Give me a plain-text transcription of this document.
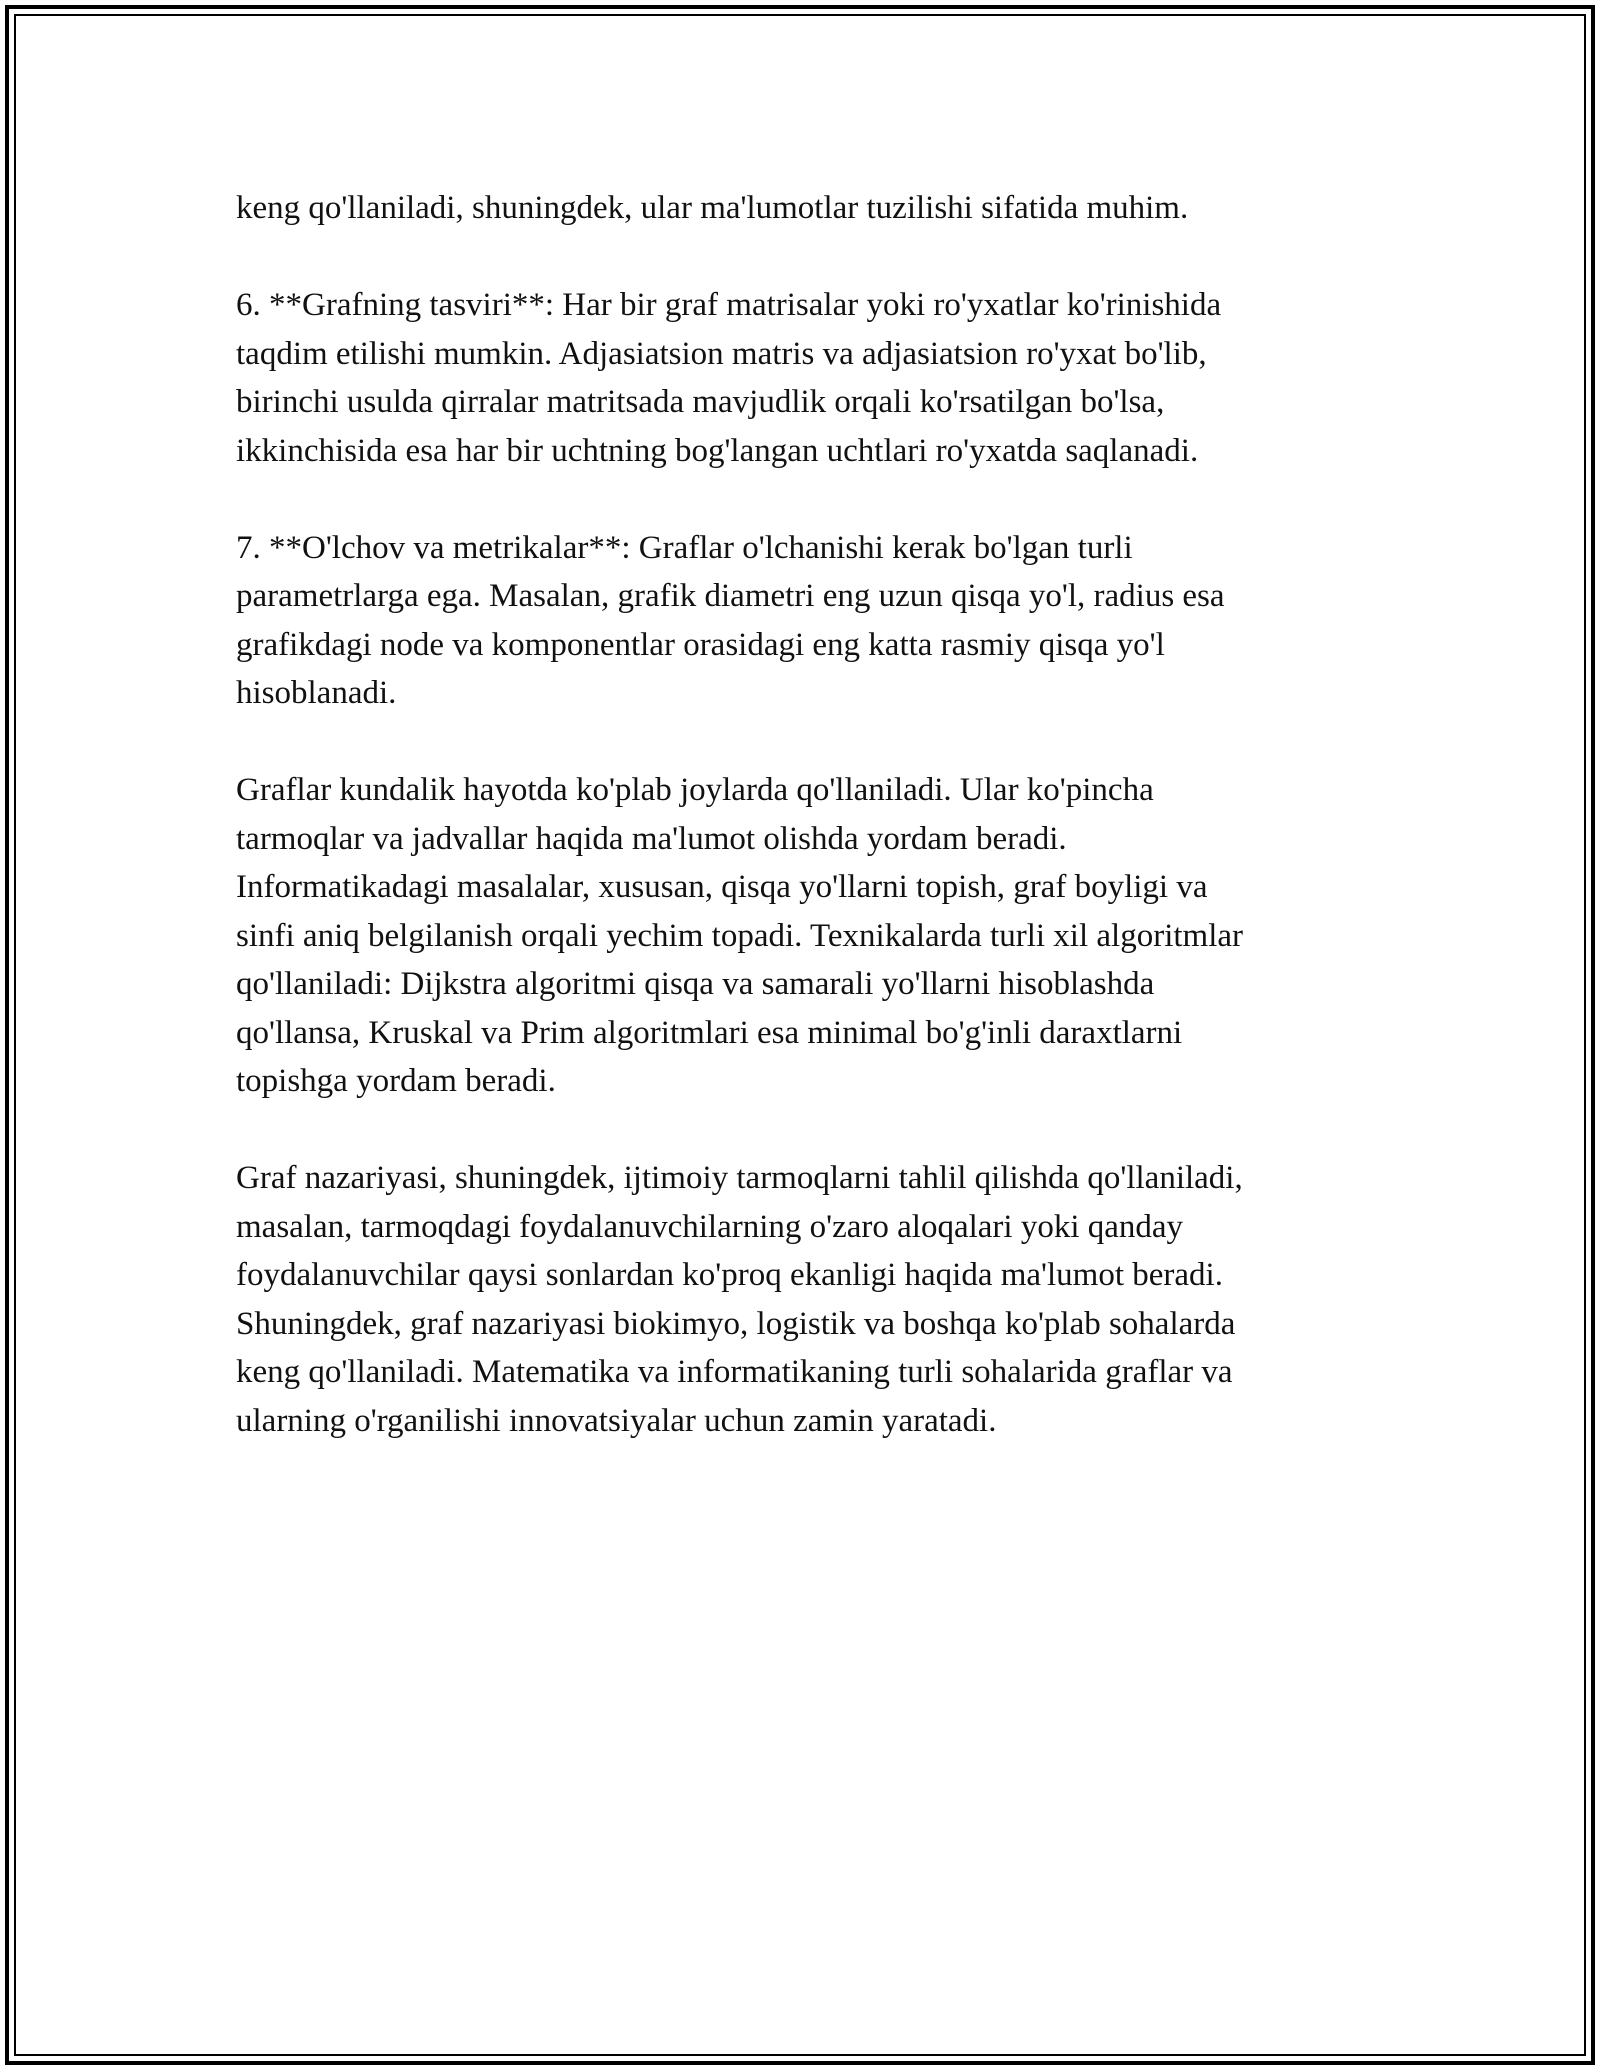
keng qo'llaniladi, shuningdek, ular ma'lumotlar tuzilishi sifatida muhim.

6. **Grafning tasviri**: Har bir graf matrisalar yoki ro'yxatlar ko'rinishida
taqdim etilishi mumkin. Adjasiatsion matris va adjasiatsion ro'yxat bo'lib,
birinchi usulda qirralar matritsada mavjudlik orqali ko'rsatilgan bo'lsa,
ikkinchisida esa har bir uchtning bog'langan uchtlari ro'yxatda saqlanadi.

7. **O'lchov va metrikalar**: Graflar o'lchanishi kerak bo'lgan turli
parametrlarga ega. Masalan, grafik diametri eng uzun qisqa yo'l, radius esa
grafikdagi node va komponentlar orasidagi eng katta rasmiy qisqa yo'l
hisoblanadi.

Graflar kundalik hayotda ko'plab joylarda qo'llaniladi. Ular ko'pincha
tarmoqlar va jadvallar haqida ma'lumot olishda yordam beradi.
Informatikadagi masalalar, xususan, qisqa yo'llarni topish, graf boyligi va
sinfi aniq belgilanish orqali yechim topadi. Texnikalarda turli xil algoritmlar
qo'llaniladi: Dijkstra algoritmi qisqa va samarali yo'llarni hisoblashda
qo'llansa, Kruskal va Prim algoritmlari esa minimal bo'g'inli daraxtlarni
topishga yordam beradi.

Graf nazariyasi, shuningdek, ijtimoiy tarmoqlarni tahlil qilishda qo'llaniladi,
masalan, tarmoqdagi foydalanuvchilarning o'zaro aloqalari yoki qanday
foydalanuvchilar qaysi sonlardan ko'proq ekanligi haqida ma'lumot beradi.
Shuningdek, graf nazariyasi biokimyo, logistik va boshqa ko'plab sohalarda
keng qo'llaniladi. Matematika va informatikaning turli sohalarida graflar va
ularning o'rganilishi innovatsiyalar uchun zamin yaratadi.
